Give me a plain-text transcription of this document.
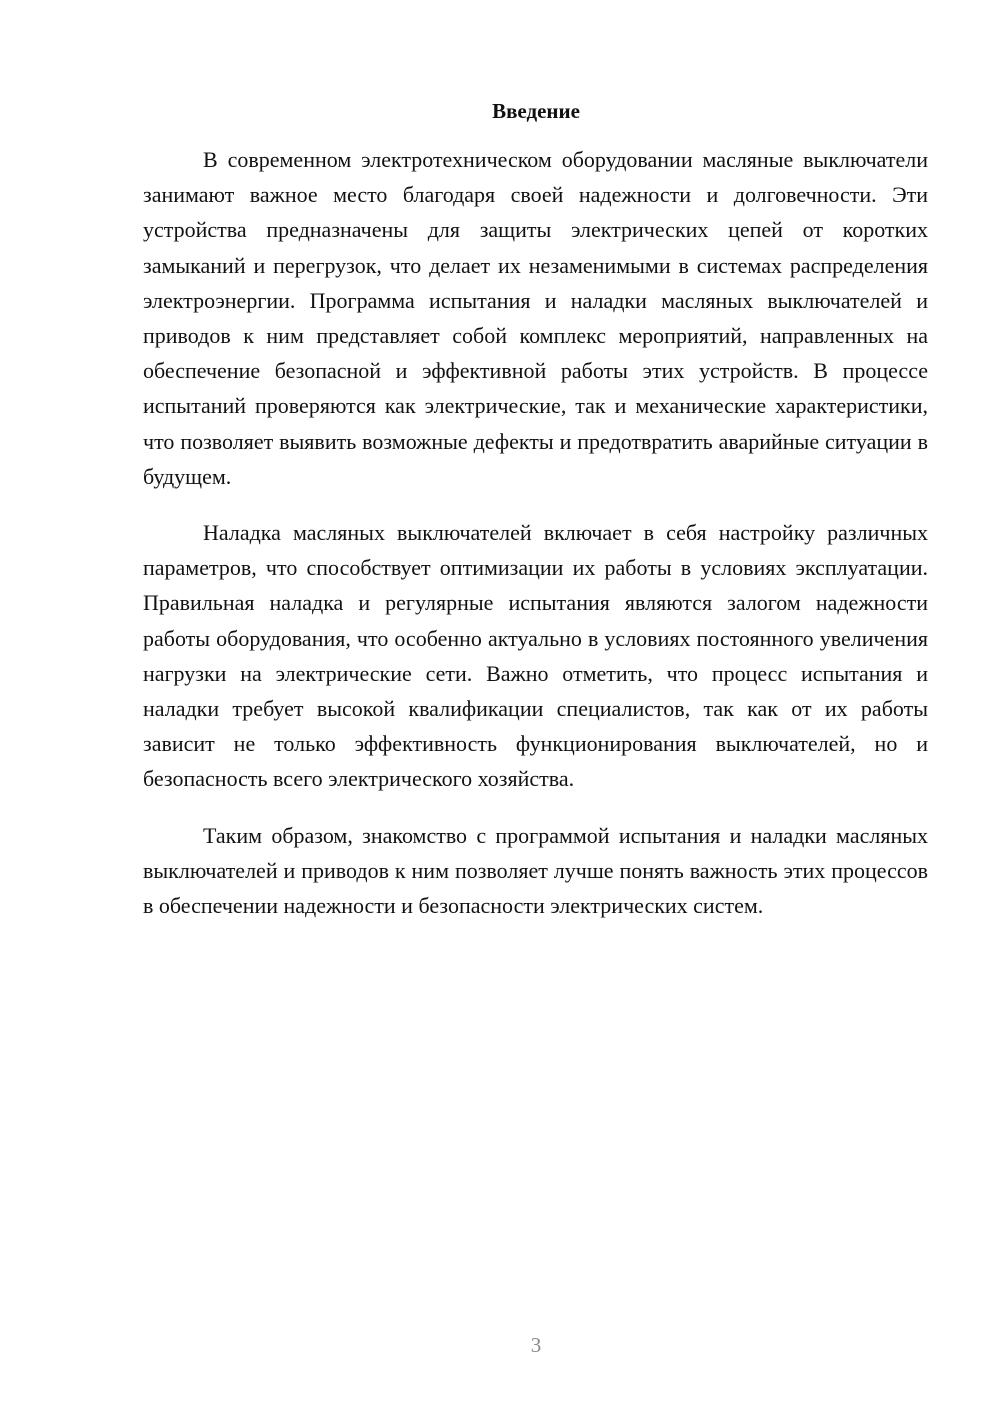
Введение

В современном электротехническом оборудовании масляные выключатели занимают важное место благодаря своей надежности и долговечности. Эти устройства предназначены для защиты электрических цепей от коротких замыканий и перегрузок, что делает их незаменимыми в системах распределения электроэнергии. Программа испытания и наладки масляных выключателей и приводов к ним представляет собой комплекс мероприятий, направленных на обеспечение безопасной и эффективной работы этих устройств. В процессе испытаний проверяются как электрические, так и механические характеристики, что позволяет выявить возможные дефекты и предотвратить аварийные ситуации в будущем.

Наладка масляных выключателей включает в себя настройку различных параметров, что способствует оптимизации их работы в условиях эксплуатации. Правильная наладка и регулярные испытания являются залогом надежности работы оборудования, что особенно актуально в условиях постоянного увеличения нагрузки на электрические сети. Важно отметить, что процесс испытания и наладки требует высокой квалификации специалистов, так как от их работы зависит не только эффективность функционирования выключателей, но и безопасность всего электрического хозяйства.

Таким образом, знакомство с программой испытания и наладки масляных выключателей и приводов к ним позволяет лучше понять важность этих процессов в обеспечении надежности и безопасности электрических систем.

3
